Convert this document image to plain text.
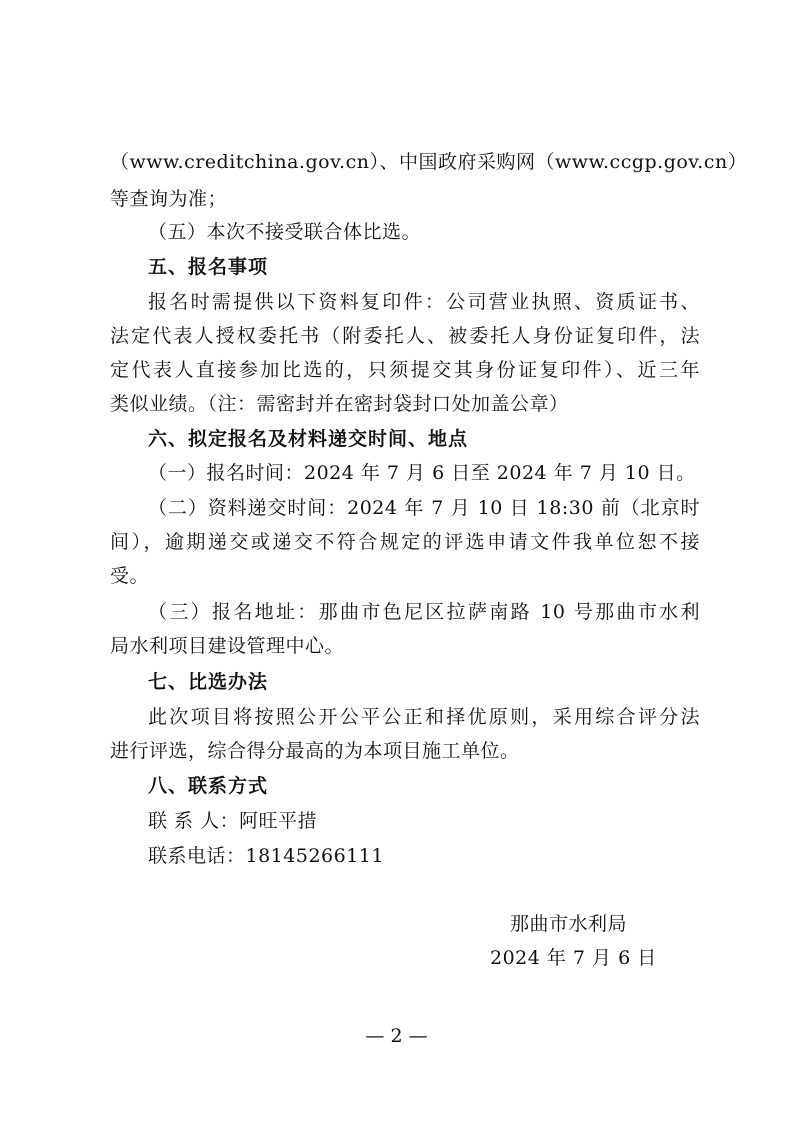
（www.creditchina.gov.cn）、中国政府采购网（www.ccgp.gov.cn）
等查询为准；
（五）本次不接受联合体比选。
五、报名事项
报名时需提供以下资料复印件：公司营业执照、资质证书、
法定代表人授权委托书（附委托人、被委托人身份证复印件，法
定代表人直接参加比选的，只须提交其身份证复印件）、近三年
类似业绩。（注：需密封并在密封袋封口处加盖公章）
六、拟定报名及材料递交时间、地点
（一）报名时间：2024 年 7 月 6 日至 2024 年 7 月 10 日。
（二）资料递交时间：2024 年 7 月 10 日 18:30 前（北京时
间），逾期递交或递交不符合规定的评选申请文件我单位恕不接
受。
（三）报名地址：那曲市色尼区拉萨南路 10 号那曲市水利
局水利项目建设管理中心。
七、比选办法
此次项目将按照公开公平公正和择优原则，采用综合评分法
进行评选，综合得分最高的为本项目施工单位。
八、联系方式
联 系 人：阿旺平措
联系电话：18145266111
那曲市水利局
2024 年 7 月 6 日
— 2 —
